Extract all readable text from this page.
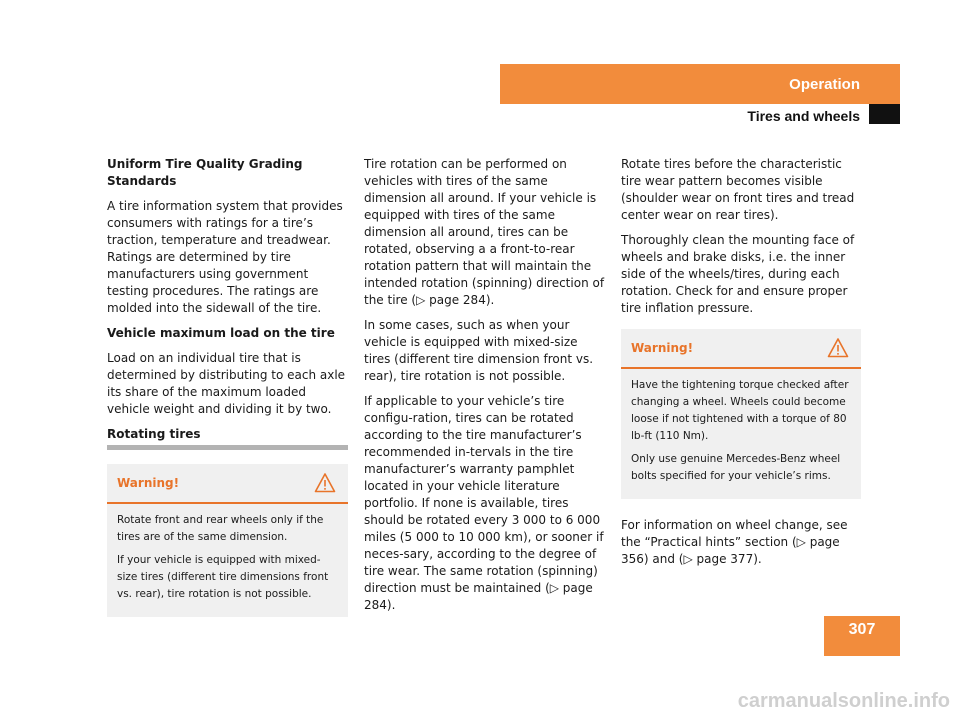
Operation
Tires and wheels
Uniform Tire Quality Grading Standards

A tire information system that provides consumers with ratings for a tire’s traction, temperature and treadwear. Ratings are determined by tire manufacturers using government testing procedures. The ratings are molded into the sidewall of the tire.

Vehicle maximum load on the tire

Load on an individual tire that is determined by distributing to each axle its share of the maximum loaded vehicle weight and dividing it by two.

Rotating tires
Warning!

Rotate front and rear wheels only if the tires are of the same dimension.

If your vehicle is equipped with mixed-size tires (different tire dimensions front vs. rear), tire rotation is not possible.

Tire rotation can be performed on vehicles with tires of the same dimension all around. If your vehicle is equipped with tires of the same dimension all around, tires can be rotated, observing a a front-to-rear rotation pattern that will maintain the intended rotation (spinning) direction of the tire (▷ page 284).

In some cases, such as when your vehicle is equipped with mixed-size tires (different tire dimension front vs. rear), tire rotation is not possible.

If applicable to your vehicle’s tire configu-ration, tires can be rotated according to the tire manufacturer’s recommended in-tervals in the tire manufacturer’s warranty pamphlet located in your vehicle literature portfolio. If none is available, tires should be rotated every 3 000 to 6 000 miles (5 000 to 10 000 km), or sooner if neces-sary, according to the degree of tire wear. The same rotation (spinning) direction must be maintained (▷ page 284).

Rotate tires before the characteristic tire wear pattern becomes visible (shoulder wear on front tires and tread center wear on rear tires).

Thoroughly clean the mounting face of wheels and brake disks, i.e. the inner side of the wheels/tires, during each rotation. Check for and ensure proper tire inflation pressure.

Warning!

Have the tightening torque checked after changing a wheel. Wheels could become loose if not tightened with a torque of 80 lb-ft (110 Nm).

Only use genuine Mercedes-Benz wheel bolts specified for your vehicle’s rims.

For information on wheel change, see the “Practical hints” section (▷ page 356) and (▷ page 377).

307
carmanualsonline.info
